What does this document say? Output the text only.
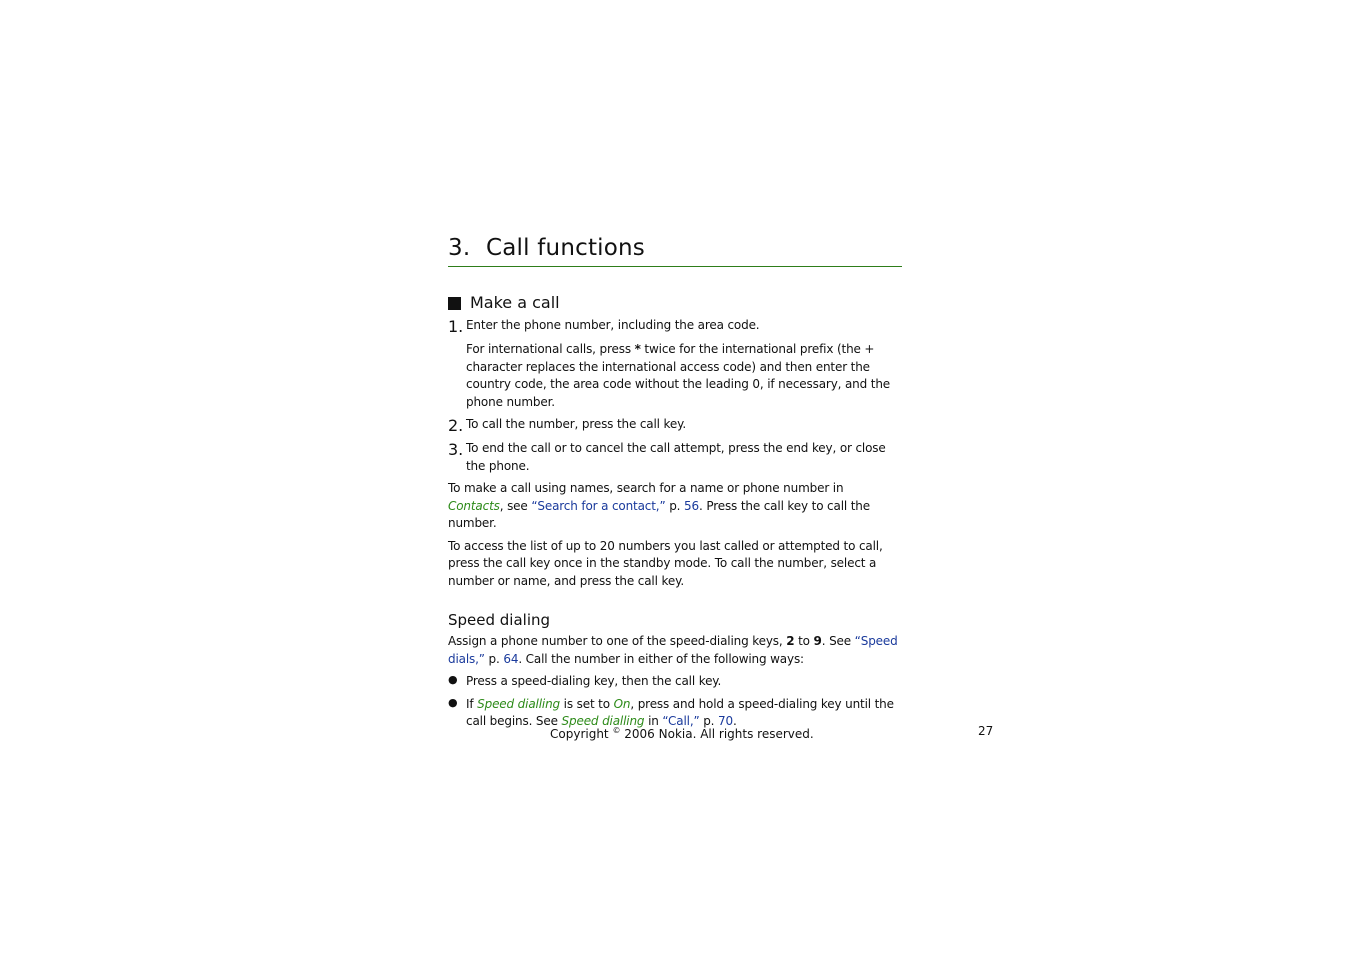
3. Call functions
Make a call
1. Enter the phone number, including the area code.

For international calls, press * twice for the international prefix (the + character replaces the international access code) and then enter the country code, the area code without the leading 0, if necessary, and the phone number.

2. To call the number, press the call key.

3. To end the call or to cancel the call attempt, press the end key, or close the phone.

To make a call using names, search for a name or phone number in Contacts, see “Search for a contact,” p. 56. Press the call key to call the number.

To access the list of up to 20 numbers you last called or attempted to call, press the call key once in the standby mode. To call the number, select a number or name, and press the call key.

Speed dialing

Assign a phone number to one of the speed-dialing keys, 2 to 9. See “Speed dials,” p. 64. Call the number in either of the following ways:

● Press a speed-dialing key, then the call key.

● If Speed dialling is set to On, press and hold a speed-dialing key until the call begins. See Speed dialling in “Call,” p. 70.

Copyright © 2006 Nokia. All rights reserved.	27
